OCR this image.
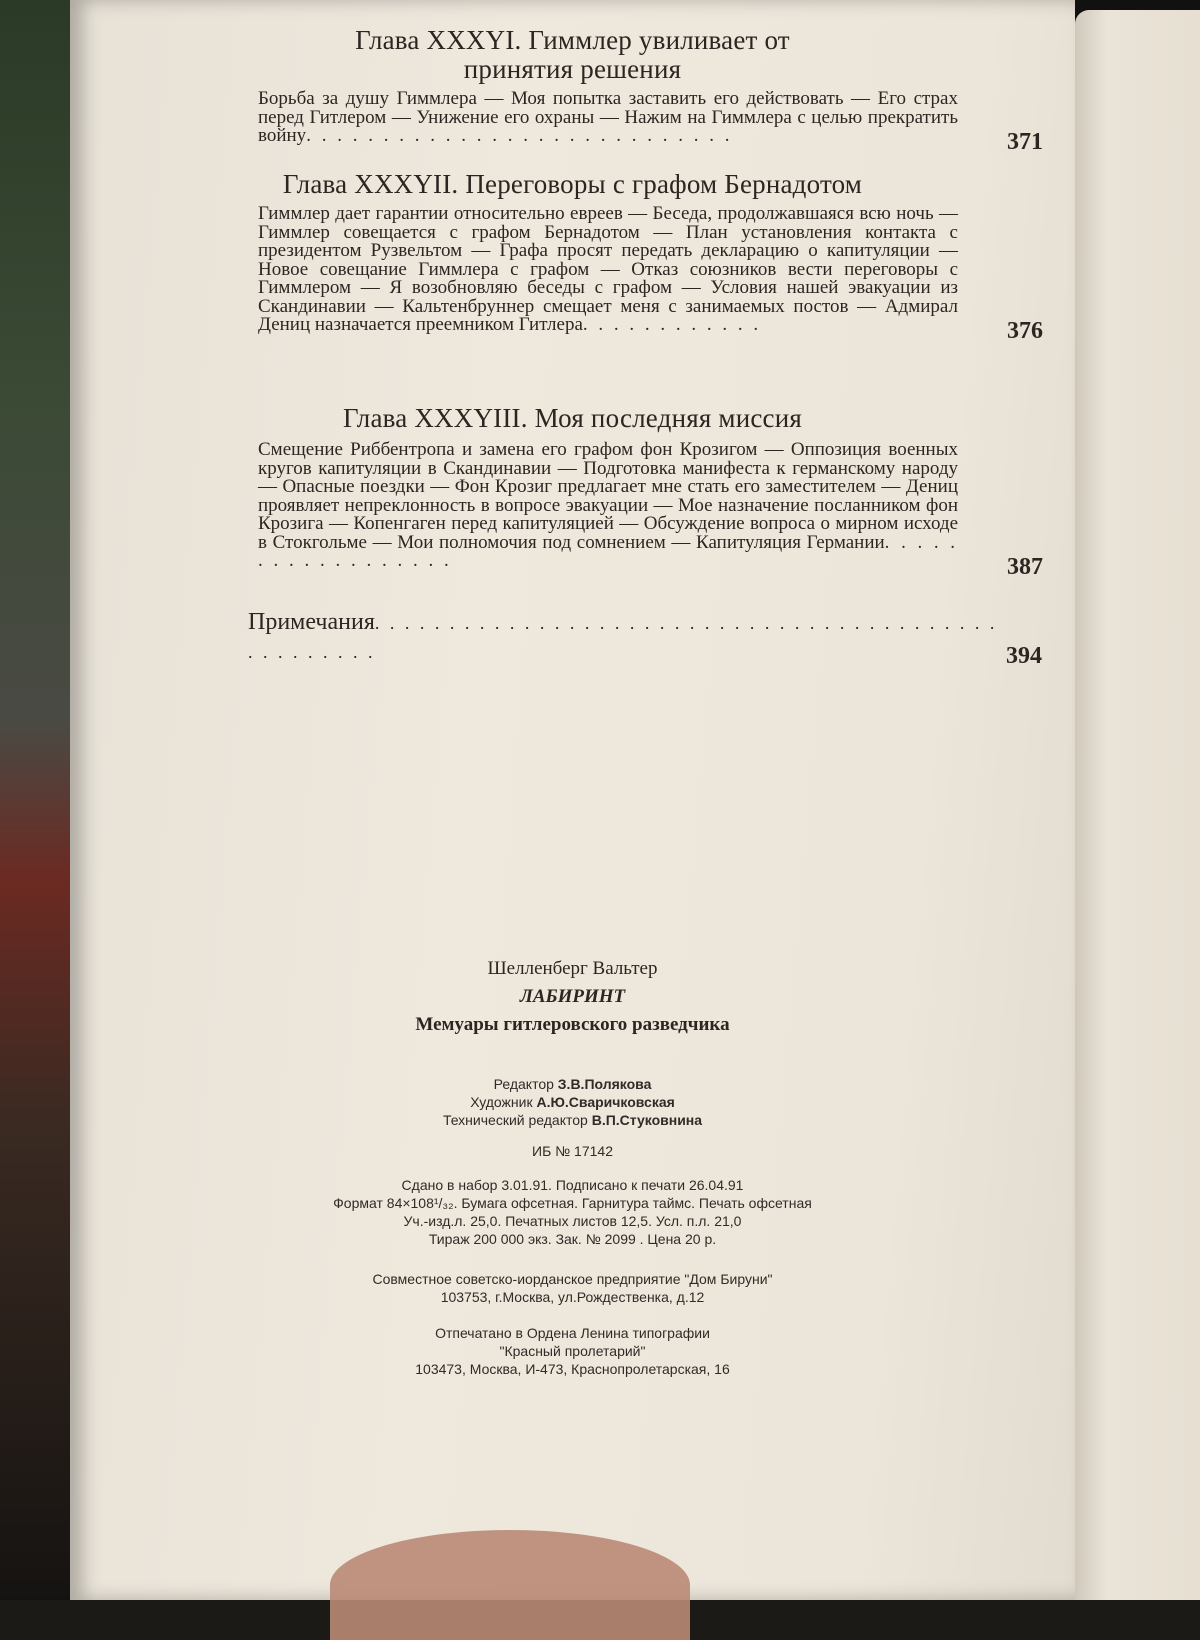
Глава XXXYI. Гиммлер увиливает от принятия решения

Борьба за душу Гиммлера — Моя попытка заставить его действовать — Его страх перед Гитлером — Унижение его охраны — Нажим на Гиммлера с целью прекратить войну. . . . . . . . . . . . . . . . . . . . . . . . . . . .	371

Глава XXXYII. Переговоры с графом Бернадотом

Гиммлер дает гарантии относительно евреев — Беседа, продолжавшаяся всю ночь — Гиммлер совещается с графом Бернадотом — План установления контакта с президентом Рузвельтом — Графа просят передать декларацию о капитуляции — Новое совещание Гиммлера с графом — Отказ союзников вести переговоры с Гиммлером — Я возобновляю беседы с графом — Условия нашей эвакуации из Скандинавии — Кальтенбруннер смещает меня с занимаемых постов — Адмирал Дениц назначается преемником Гитлера. . . . . . . . . . . .	376

Глава XXXYIII. Моя последняя миссия

Смещение Риббентропа и замена его графом фон Крозигом — Оппозиция военных кругов капитуляции в Скандинавии — Подготовка манифеста к германскому народу — Опасные поездки — Фон Крозиг предлагает мне стать его заместителем — Дениц проявляет непреклонность в вопросе эвакуации — Мое назначение посланником фон Крозига — Копенгаген перед капитуляцией — Обсуждение вопроса о мирном исходе в Стокгольме — Мои полномочия под сомнением — Капитуляция Германии. . . . . . . . . . . . . . . . . .	387
Примечания. . . . . . . . . . . . . . . . . . . . . . . . . . . . . . . . . . . . . . . . . . . . . . . . . . .	394
Шелленберг Вальтер
ЛАБИРИНТ
Мемуары гитлеровского разведчика
Редактор З.В.Полякова
Художник А.Ю.Сваричковская
Технический редактор В.П.Стуковнина
ИБ № 17142
Сдано в набор 3.01.91. Подписано к печати 26.04.91
Формат 84×108¹/₃₂. Бумага офсетная. Гарнитура таймс. Печать офсетная
Уч.-изд.л. 25,0. Печатных листов 12,5. Усл. п.л. 21,0
Тираж 200 000 экз. Зак. № 2099 . Цена 20 р.
Совместное советско-иорданское предприятие "Дом Бируни"
103753, г.Москва, ул.Рождественка, д.12
Отпечатано в Ордена Ленина типографии
"Красный пролетарий"
103473, Москва, И-473, Краснопролетарская, 16
